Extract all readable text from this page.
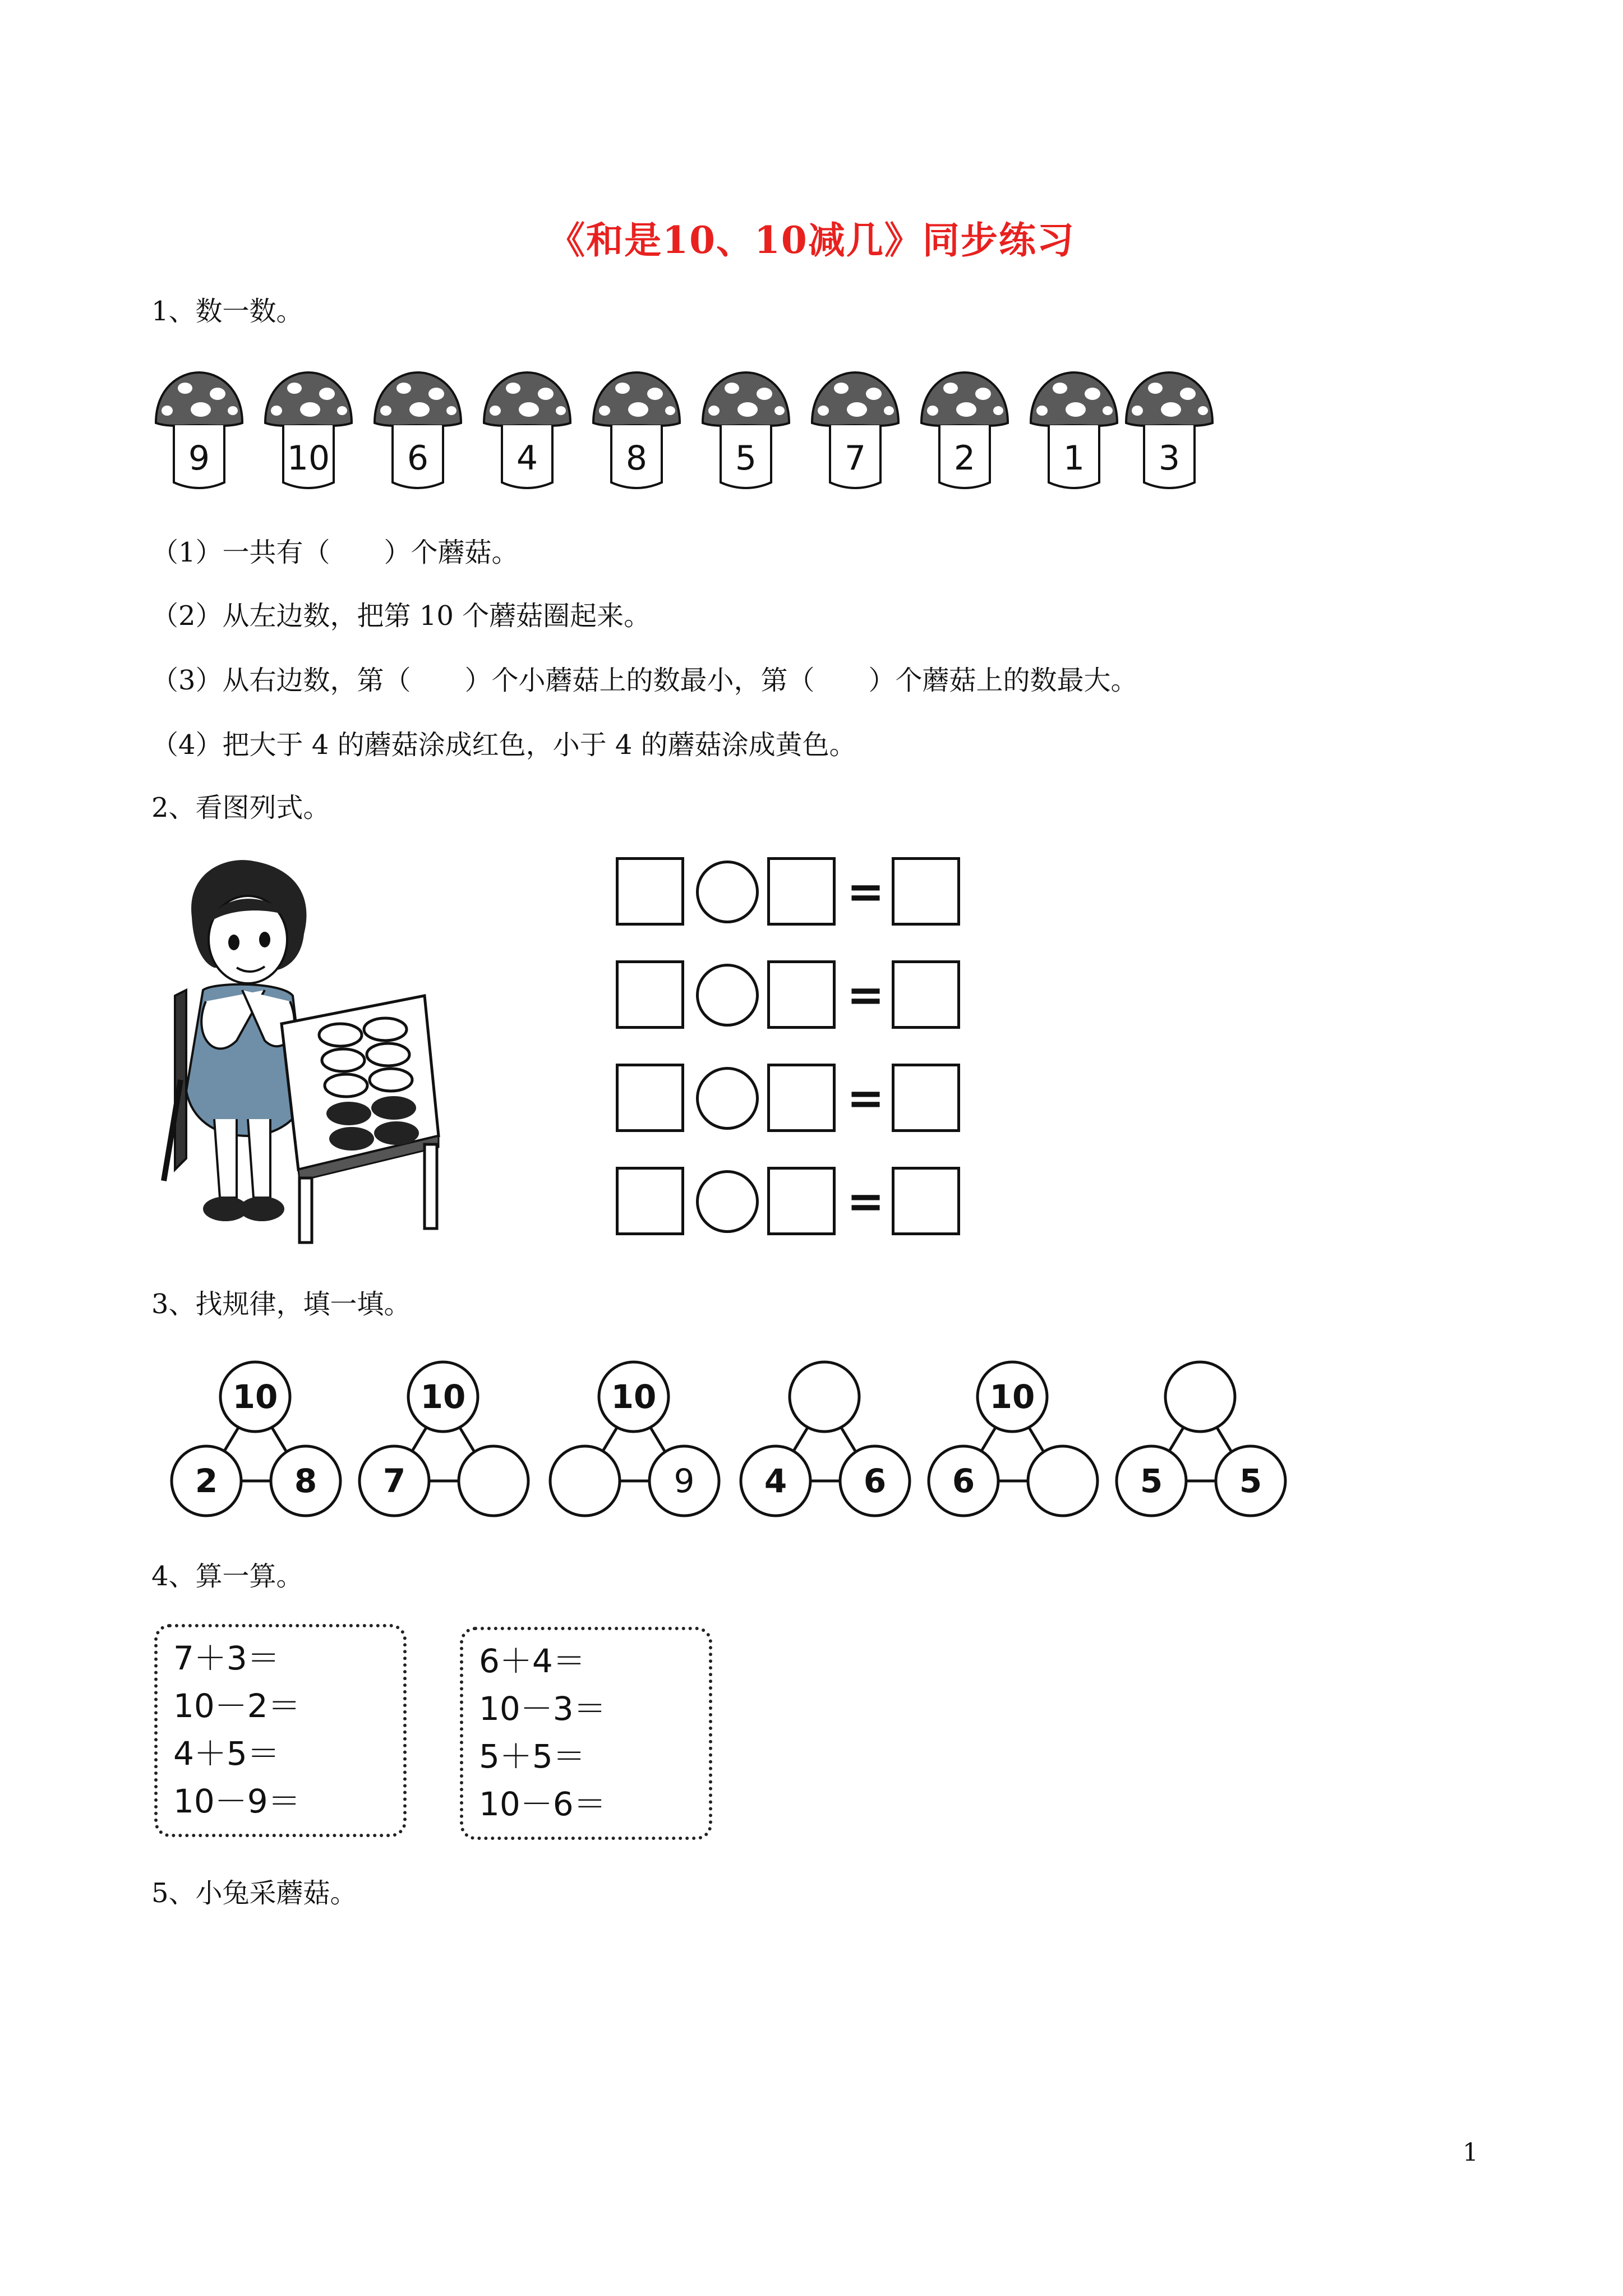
《和是10、10减几》同步练习
1、数一数。
9	10	6	4	8	5	7	2	1	3
（1）一共有（　　）个蘑菇。
（2）从左边数，把第 10 个蘑菇圈起来。
（3）从右边数，第（　　）个小蘑菇上的数最小，第（　　）个蘑菇上的数最大。
（4）把大于 4 的蘑菇涂成红色，小于 4 的蘑菇涂成黄色。
2、看图列式。
=
=
=
=
3、找规律，填一填。
10
2	8
10
7
10
9	4	6
10
6	5	5
4、算一算。
7＋3＝
10－2＝
4＋5＝
10－9＝
6＋4＝
10－3＝
5＋5＝
10－6＝
5、小兔采蘑菇。
1
